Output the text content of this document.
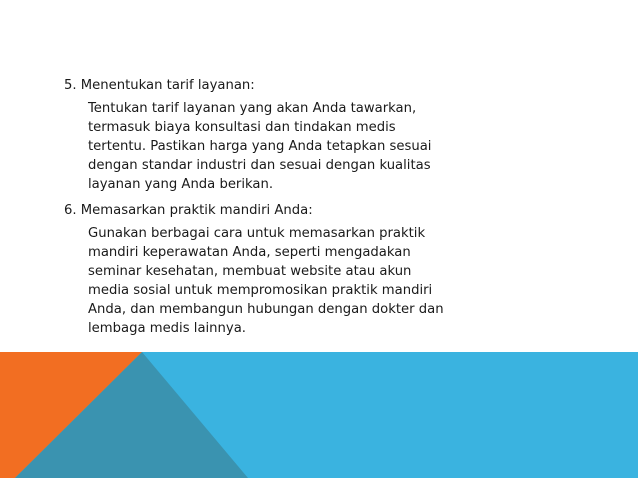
5. Menentukan tarif layanan:

Tentukan tarif layanan yang akan Anda tawarkan,
termasuk biaya konsultasi dan tindakan medis
tertentu. Pastikan harga yang Anda tetapkan sesuai
dengan standar industri dan sesuai dengan kualitas
layanan yang Anda berikan.

6. Memasarkan praktik mandiri Anda:

Gunakan berbagai cara untuk memasarkan praktik
mandiri keperawatan Anda, seperti mengadakan
seminar kesehatan, membuat website atau akun
media sosial untuk mempromosikan praktik mandiri
Anda, dan membangun hubungan dengan dokter dan
lembaga medis lainnya.
